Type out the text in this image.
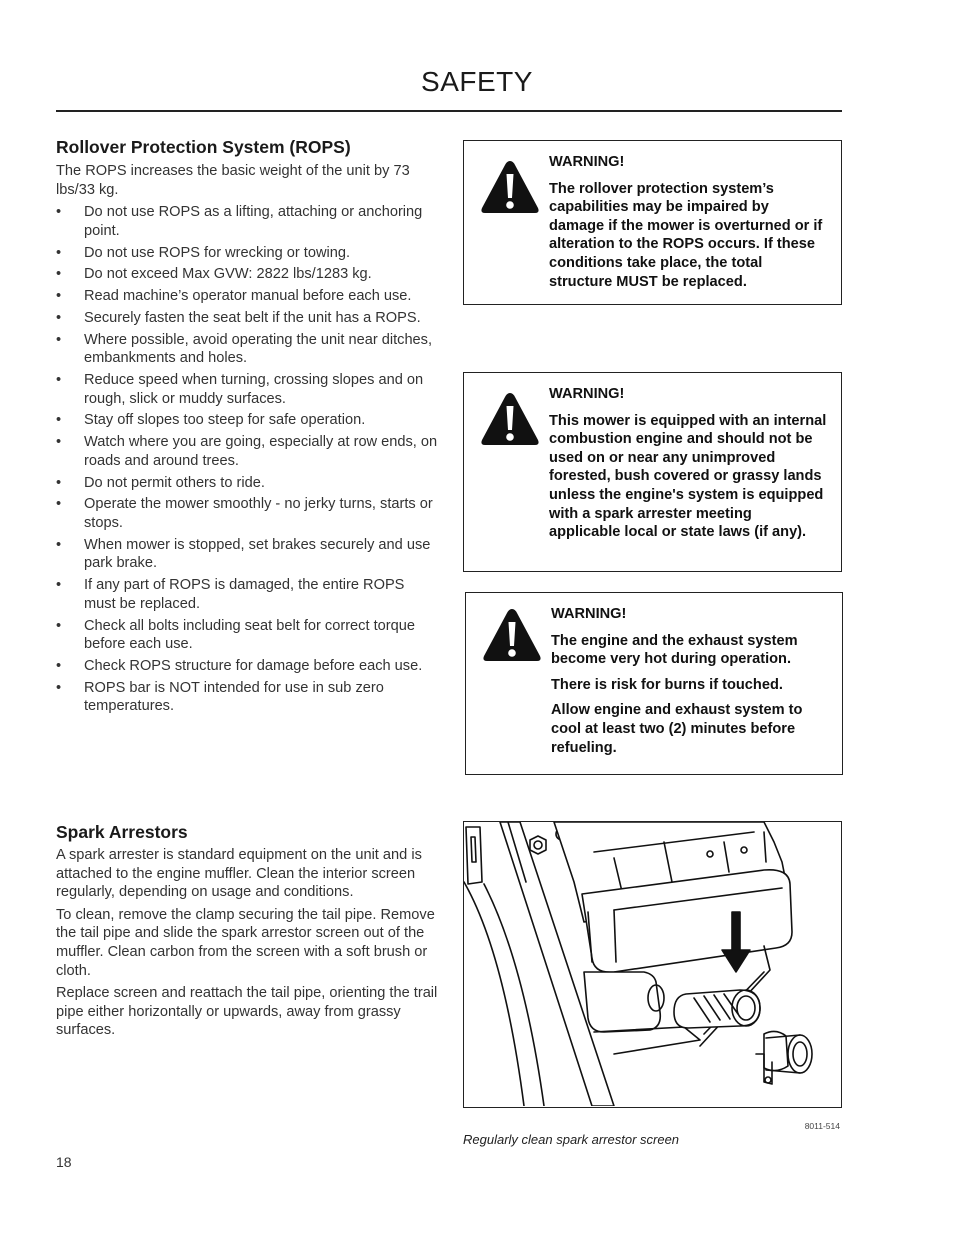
SAFETY
Rollover Protection System (ROPS)

The ROPS increases the basic weight of the unit by 73 lbs/33 kg.

• Do not use ROPS as a lifting, attaching or anchoring point.
• Do not use ROPS for wrecking or towing.
• Do not exceed Max GVW: 2822 lbs/1283 kg.
• Read machine’s operator manual before each use.
• Securely fasten the seat belt if the unit has a ROPS.
• Where possible, avoid operating the unit near ditches, embankments and holes.
• Reduce speed when turning, crossing slopes and on rough, slick or muddy surfaces.
• Stay off slopes too steep for safe operation.
• Watch where you are going, especially at row ends, on roads and around trees.
• Do not permit others to ride.
• Operate the mower smoothly - no jerky turns, starts or stops.
• When mower is stopped, set brakes securely and use park brake.
• If any part of ROPS is damaged, the entire ROPS must be replaced.
• Check all bolts including seat belt for correct torque before each use.
• Check ROPS structure for damage before each use.
• ROPS bar is NOT intended for use in sub zero temperatures.
WARNING!

The rollover protection system’s capabilities may be impaired by damage if the mower is overturned or if alteration to the ROPS occurs. If these conditions take place, the total structure MUST be replaced.

WARNING!

This mower is equipped with an internal combustion engine and should not be used on or near any unimproved forested, bush covered or grassy lands unless the engine's system is equipped with a spark arrester meeting applicable local or state laws (if any).

WARNING!

The engine and the exhaust system become very hot during operation.

There is risk for burns if touched.

Allow engine and exhaust system to cool at least two (2) minutes before refueling.

Spark Arrestors

A spark arrester is standard equipment on the unit and is attached to the engine muffler. Clean the interior screen regularly, depending on usage and conditions.

To clean, remove the clamp securing the tail pipe. Remove the tail pipe and slide the spark arrestor screen out of the muffler. Clean carbon from the screen with a soft brush or cloth.

Replace screen and reattach the tail pipe, orienting the trail pipe either horizontally or upwards, away from grassy surfaces.

8011-514
Regularly clean spark arrestor screen
18
